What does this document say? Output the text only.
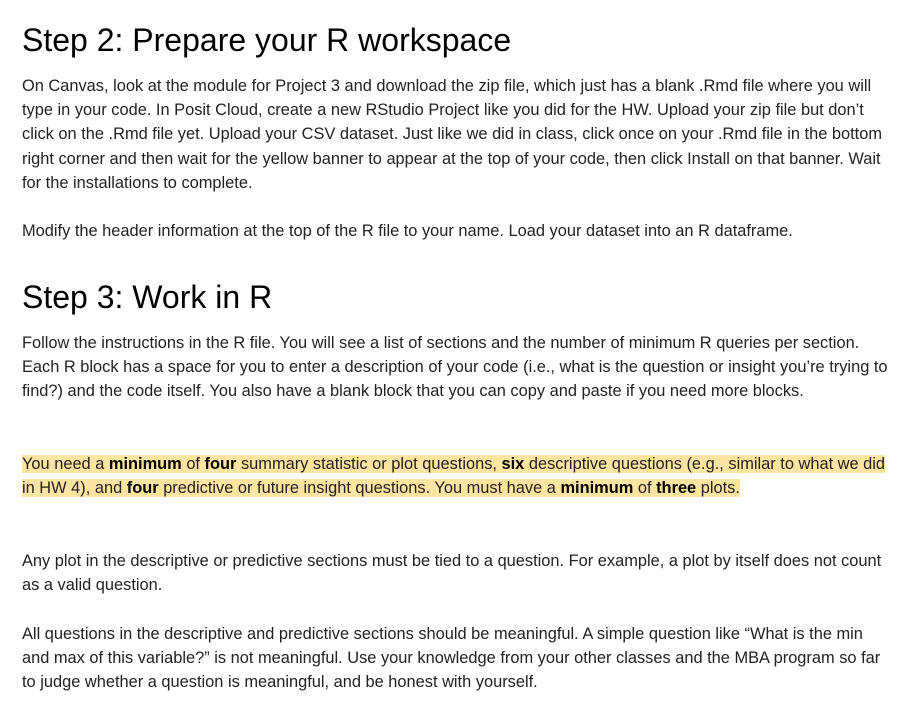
Step 2: Prepare your R workspace

On Canvas, look at the module for Project 3 and download the zip file, which just has a blank .Rmd file where you will type in your code. In Posit Cloud, create a new RStudio Project like you did for the HW. Upload your zip file but don’t click on the .Rmd file yet. Upload your CSV dataset. Just like we did in class, click once on your .Rmd file in the bottom right corner and then wait for the yellow banner to appear at the top of your code, then click Install on that banner. Wait for the installations to complete.

Modify the header information at the top of the R file to your name. Load your dataset into an R dataframe.

Step 3: Work in R

Follow the instructions in the R file. You will see a list of sections and the number of minimum R queries per section. Each R block has a space for you to enter a description of your code (i.e., what is the question or insight you’re trying to find?) and the code itself. You also have a blank block that you can copy and paste if you need more blocks.

You need a minimum of four summary statistic or plot questions, six descriptive questions (e.g., similar to what we did in HW 4), and four predictive or future insight questions. You must have a minimum of three plots.

Any plot in the descriptive or predictive sections must be tied to a question. For example, a plot by itself does not count as a valid question.

All questions in the descriptive and predictive sections should be meaningful. A simple question like “What is the min and max of this variable?” is not meaningful. Use your knowledge from your other classes and the MBA program so far to judge whether a question is meaningful, and be honest with yourself.
